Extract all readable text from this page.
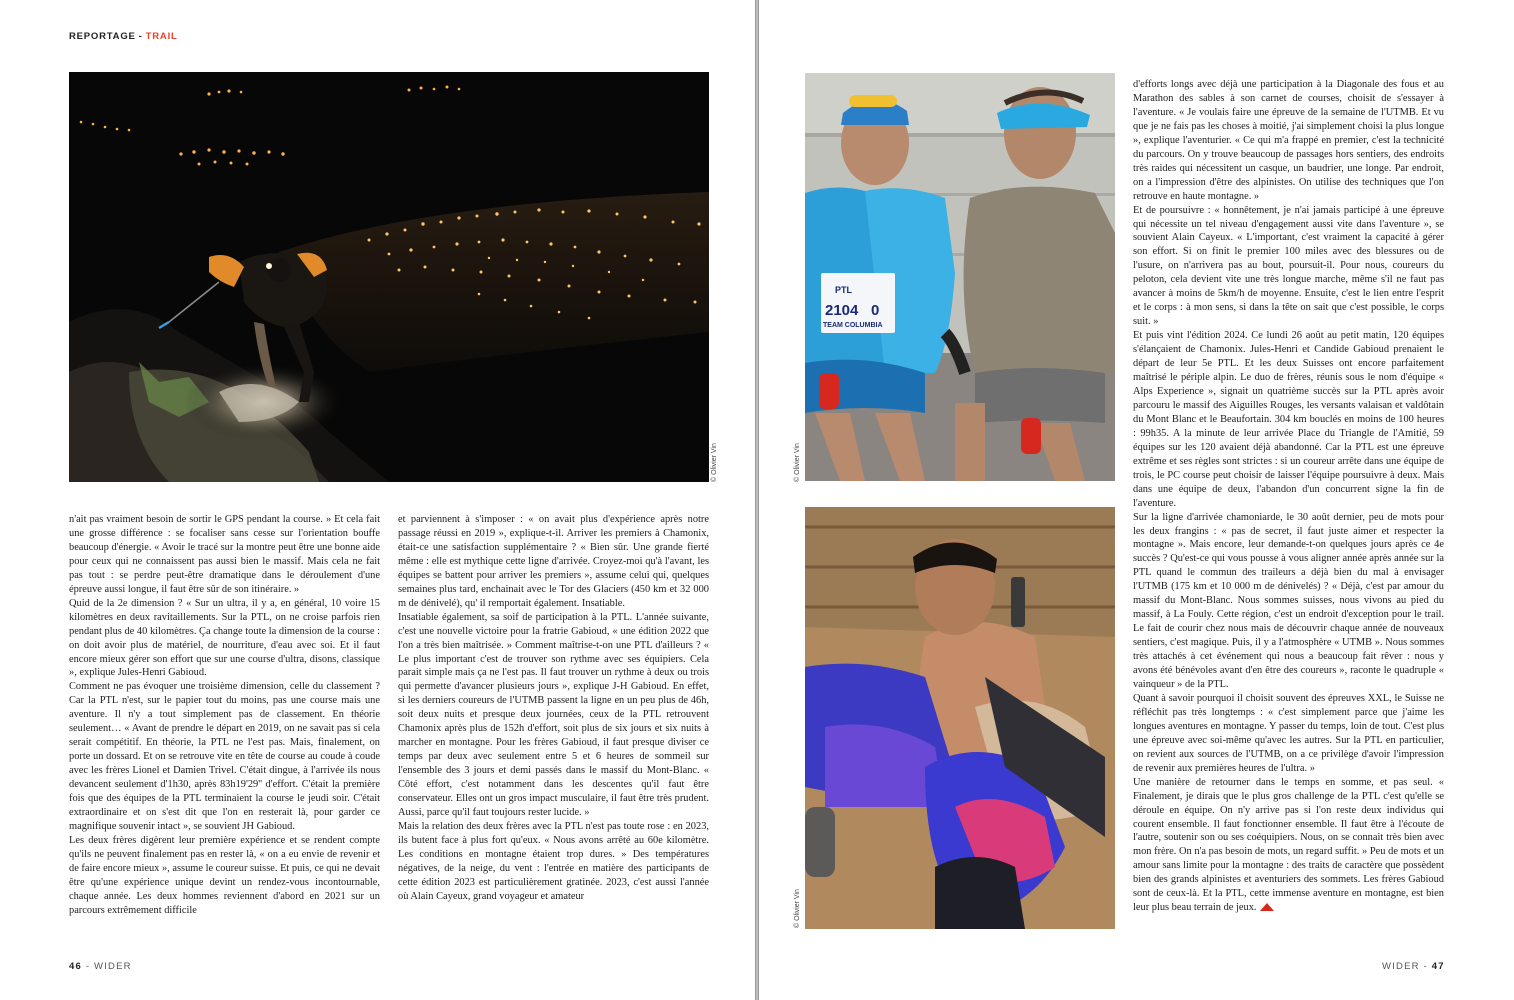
REPORTAGE - TRAIL
© Olivier Vin

n'ait pas vraiment besoin de sortir le GPS pendant la course. » Et cela fait une grosse différence : se focaliser sans cesse sur l'orientation bouffe beaucoup d'énergie. « Avoir le tracé sur la montre peut être une bonne aide pour ceux qui ne connaissent pas aussi bien le massif. Mais cela ne fait pas tout : se perdre peut-être dramatique dans le déroulement d'une épreuve aussi longue, il faut être sûr de son itinéraire. »

Quid de la 2e dimension ? « Sur un ultra, il y a, en général, 10 voire 15 kilomètres en deux ravitaillements. Sur la PTL, on ne croise parfois rien pendant plus de 40 kilomètres. Ça change toute la dimension de la course : on doit avoir plus de matériel, de nourriture, d'eau avec soi. Et il faut encore mieux gérer son effort que sur une course d'ultra, disons, classique », explique Jules-Henri Gabioud.

Comment ne pas évoquer une troisième dimension, celle du classement ? Car la PTL n'est, sur le papier tout du moins, pas une course mais une aventure. Il n'y a tout simplement pas de classement. En théorie seulement… « Avant de prendre le départ en 2019, on ne savait pas si cela serait compétitif. En théorie, la PTL ne l'est pas. Mais, finalement, on porte un dossard. Et on se retrouve vite en tête de course au coude à coude avec les frères Lionel et Damien Trivel. C'était dingue, à l'arrivée ils nous devancent seulement d'1h30, après 83h19'29'' d'effort. C'était la première fois que des équipes de la PTL terminaient la course le jeudi soir. C'était extraordinaire et on s'est dit que l'on en resterait là, pour garder ce magnifique souvenir intact », se souvient JH Gabioud.

Les deux frères digèrent leur première expérience et se rendent compte qu'ils ne peuvent finalement pas en rester là, « on a eu envie de revenir et de faire encore mieux », assume le coureur suisse. Et puis, ce qui ne devait être qu'une expérience unique devint un rendez-vous incontournable, chaque année. Les deux hommes reviennent d'abord en 2021 sur un parcours extrêmement difficile

et parviennent à s'imposer : « on avait plus d'expérience après notre passage réussi en 2019 », explique-t-il. Arriver les premiers à Chamonix, était-ce une satisfaction supplémentaire ? « Bien sûr. Une grande fierté même : elle est mythique cette ligne d'arrivée. Croyez-moi qu'à l'avant, les équipes se battent pour arriver les premiers », assume celui qui, quelques semaines plus tard, enchainait avec le Tor des Glaciers (450 km et 32 000 m de dénivelé), qu' il remportait également. Insatiable.

Insatiable également, sa soif de participation à la PTL. L'année suivante, c'est une nouvelle victoire pour la fratrie Gabioud, « une édition 2022 que l'on a très bien maîtrisée. » Comment maîtrise-t-on une PTL d'ailleurs ? « Le plus important c'est de trouver son rythme avec ses équipiers. Cela parait simple mais ça ne l'est pas. Il faut trouver un rythme à deux ou trois qui permette d'avancer plusieurs jours », explique J-H Gabioud. En effet, si les derniers coureurs de l'UTMB passent la ligne en un peu plus de 46h, soit deux nuits et presque deux journées, ceux de la PTL retrouvent Chamonix après plus de 152h d'effort, soit plus de six jours et six nuits à marcher en montagne. Pour les frères Gabioud, il faut presque diviser ce temps par deux avec seulement entre 5 et 6 heures de sommeil sur l'ensemble des 3 jours et demi passés dans le massif du Mont-Blanc. « Côté effort, c'est notamment dans les descentes qu'il faut être conservateur. Elles ont un gros impact musculaire, il faut être très prudent. Aussi, parce qu'il faut toujours rester lucide. »

Mais la relation des deux frères avec la PTL n'est pas toute rose : en 2023, ils butent face à plus fort qu'eux. « Nous avons arrêté au 60e kilomètre. Les conditions en montagne étaient trop dures. » Des températures négatives, de la neige, du vent : l'entrée en matière des participants de cette édition 2023 est particulièrement gratinée. 2023, c'est aussi l'année où Alain Cayeux, grand voyageur et amateur

46 - WIDER
PTL
2104 0
TEAM COLUMBIA
© Olivier Vin
© Olivier Vin

d'efforts longs avec déjà une participation à la Diagonale des fous et au Marathon des sables à son carnet de courses, choisit de s'essayer à l'aventure. « Je voulais faire une épreuve de la semaine de l'UTMB. Et vu que je ne fais pas les choses à moitié, j'ai simplement choisi la plus longue », explique l'aventurier. « Ce qui m'a frappé en premier, c'est la technicité du parcours. On y trouve beaucoup de passages hors sentiers, des endroits très raides qui nécessitent un casque, un baudrier, une longe. Par endroit, on a l'impression d'être des alpinistes. On utilise des techniques que l'on retrouve en haute montagne. »

Et de poursuivre : « honnêtement, je n'ai jamais participé à une épreuve qui nécessite un tel niveau d'engagement aussi vite dans l'aventure », se souvient Alain Cayeux. « L'important, c'est vraiment la capacité à gérer son effort. Si on finit le premier 100 miles avec des blessures ou de l'usure, on n'arrivera pas au bout, poursuit-il. Pour nous, coureurs du peloton, cela devient vite une très longue marche, même s'il ne faut pas avancer à moins de 5km/h de moyenne. Ensuite, c'est le lien entre l'esprit et le corps : à mon sens, si dans la tête on sait que c'est possible, le corps suit. »

Et puis vint l'édition 2024. Ce lundi 26 août au petit matin, 120 équipes s'élançaient de Chamonix. Jules-Henri et Candide Gabioud prenaient le départ de leur 5e PTL. Et les deux Suisses ont encore parfaitement maîtrisé le périple alpin. Le duo de frères, réunis sous le nom d'équipe « Alps Experience », signait un quatrième succès sur la PTL après avoir parcouru le massif des Aiguilles Rouges, les versants valaisan et valdôtain du Mont Blanc et le Beaufortain. 304 km bouclés en moins de 100 heures : 99h35. A la minute de leur arrivée Place du Triangle de l'Amitié, 59 équipes sur les 120 avaient déjà abandonné. Car la PTL est une épreuve extrême et ses règles sont strictes : si un coureur arrête dans une équipe de trois, le PC course peut choisir de laisser l'équipe poursuivre à deux. Mais dans une équipe de deux, l'abandon d'un concurrent signe la fin de l'aventure.

Sur la ligne d'arrivée chamoniarde, le 30 août dernier, peu de mots pour les deux frangins : « pas de secret, il faut juste aimer et respecter la montagne ». Mais encore, leur demande-t-on quelques jours après ce 4e succès ? Qu'est-ce qui vous pousse à vous aligner année après année sur la PTL quand le commun des traileurs a déjà bien du mal à envisager l'UTMB (175 km et 10 000 m de dénivelés) ? « Déjà, c'est par amour du massif du Mont-Blanc. Nous sommes suisses, nous vivons au pied du massif, à La Fouly. Cette région, c'est un endroit d'exception pour le trail. Le fait de courir chez nous mais de découvrir chaque année de nouveaux sentiers, c'est magique. Puis, il y a l'atmosphère « UTMB ». Nous sommes très attachés à cet événement qui nous a beaucoup fait rêver : nous y avons été bénévoles avant d'en être des coureurs », raconte le quadruple « vainqueur » de la PTL.

Quant à savoir pourquoi il choisit souvent des épreuves XXL, le Suisse ne réfléchit pas très longtemps : « c'est simplement parce que j'aime les longues aventures en montagne. Y passer du temps, loin de tout. C'est plus une épreuve avec soi-même qu'avec les autres. Sur la PTL en particulier, on revient aux sources de l'UTMB, on a ce privilège d'avoir l'impression de revenir aux premières heures de l'ultra. »

Une manière de retourner dans le temps en somme, et pas seul. « Finalement, je dirais que le plus gros challenge de la PTL c'est qu'elle se déroule en équipe. On n'y arrive pas si l'on reste deux individus qui courent ensemble. Il faut fonctionner ensemble. Il faut être à l'écoute de l'autre, soutenir son ou ses coéquipiers. Nous, on se connait très bien avec mon frère. On n'a pas besoin de mots, un regard suffit. » Peu de mots et un amour sans limite pour la montagne : des traits de caractère que possèdent bien des grands alpinistes et aventuriers des sommets. Les frères Gabioud sont de ceux-là. Et la PTL, cette immense aventure en montagne, est bien leur plus beau terrain de jeux.

WIDER - 47
